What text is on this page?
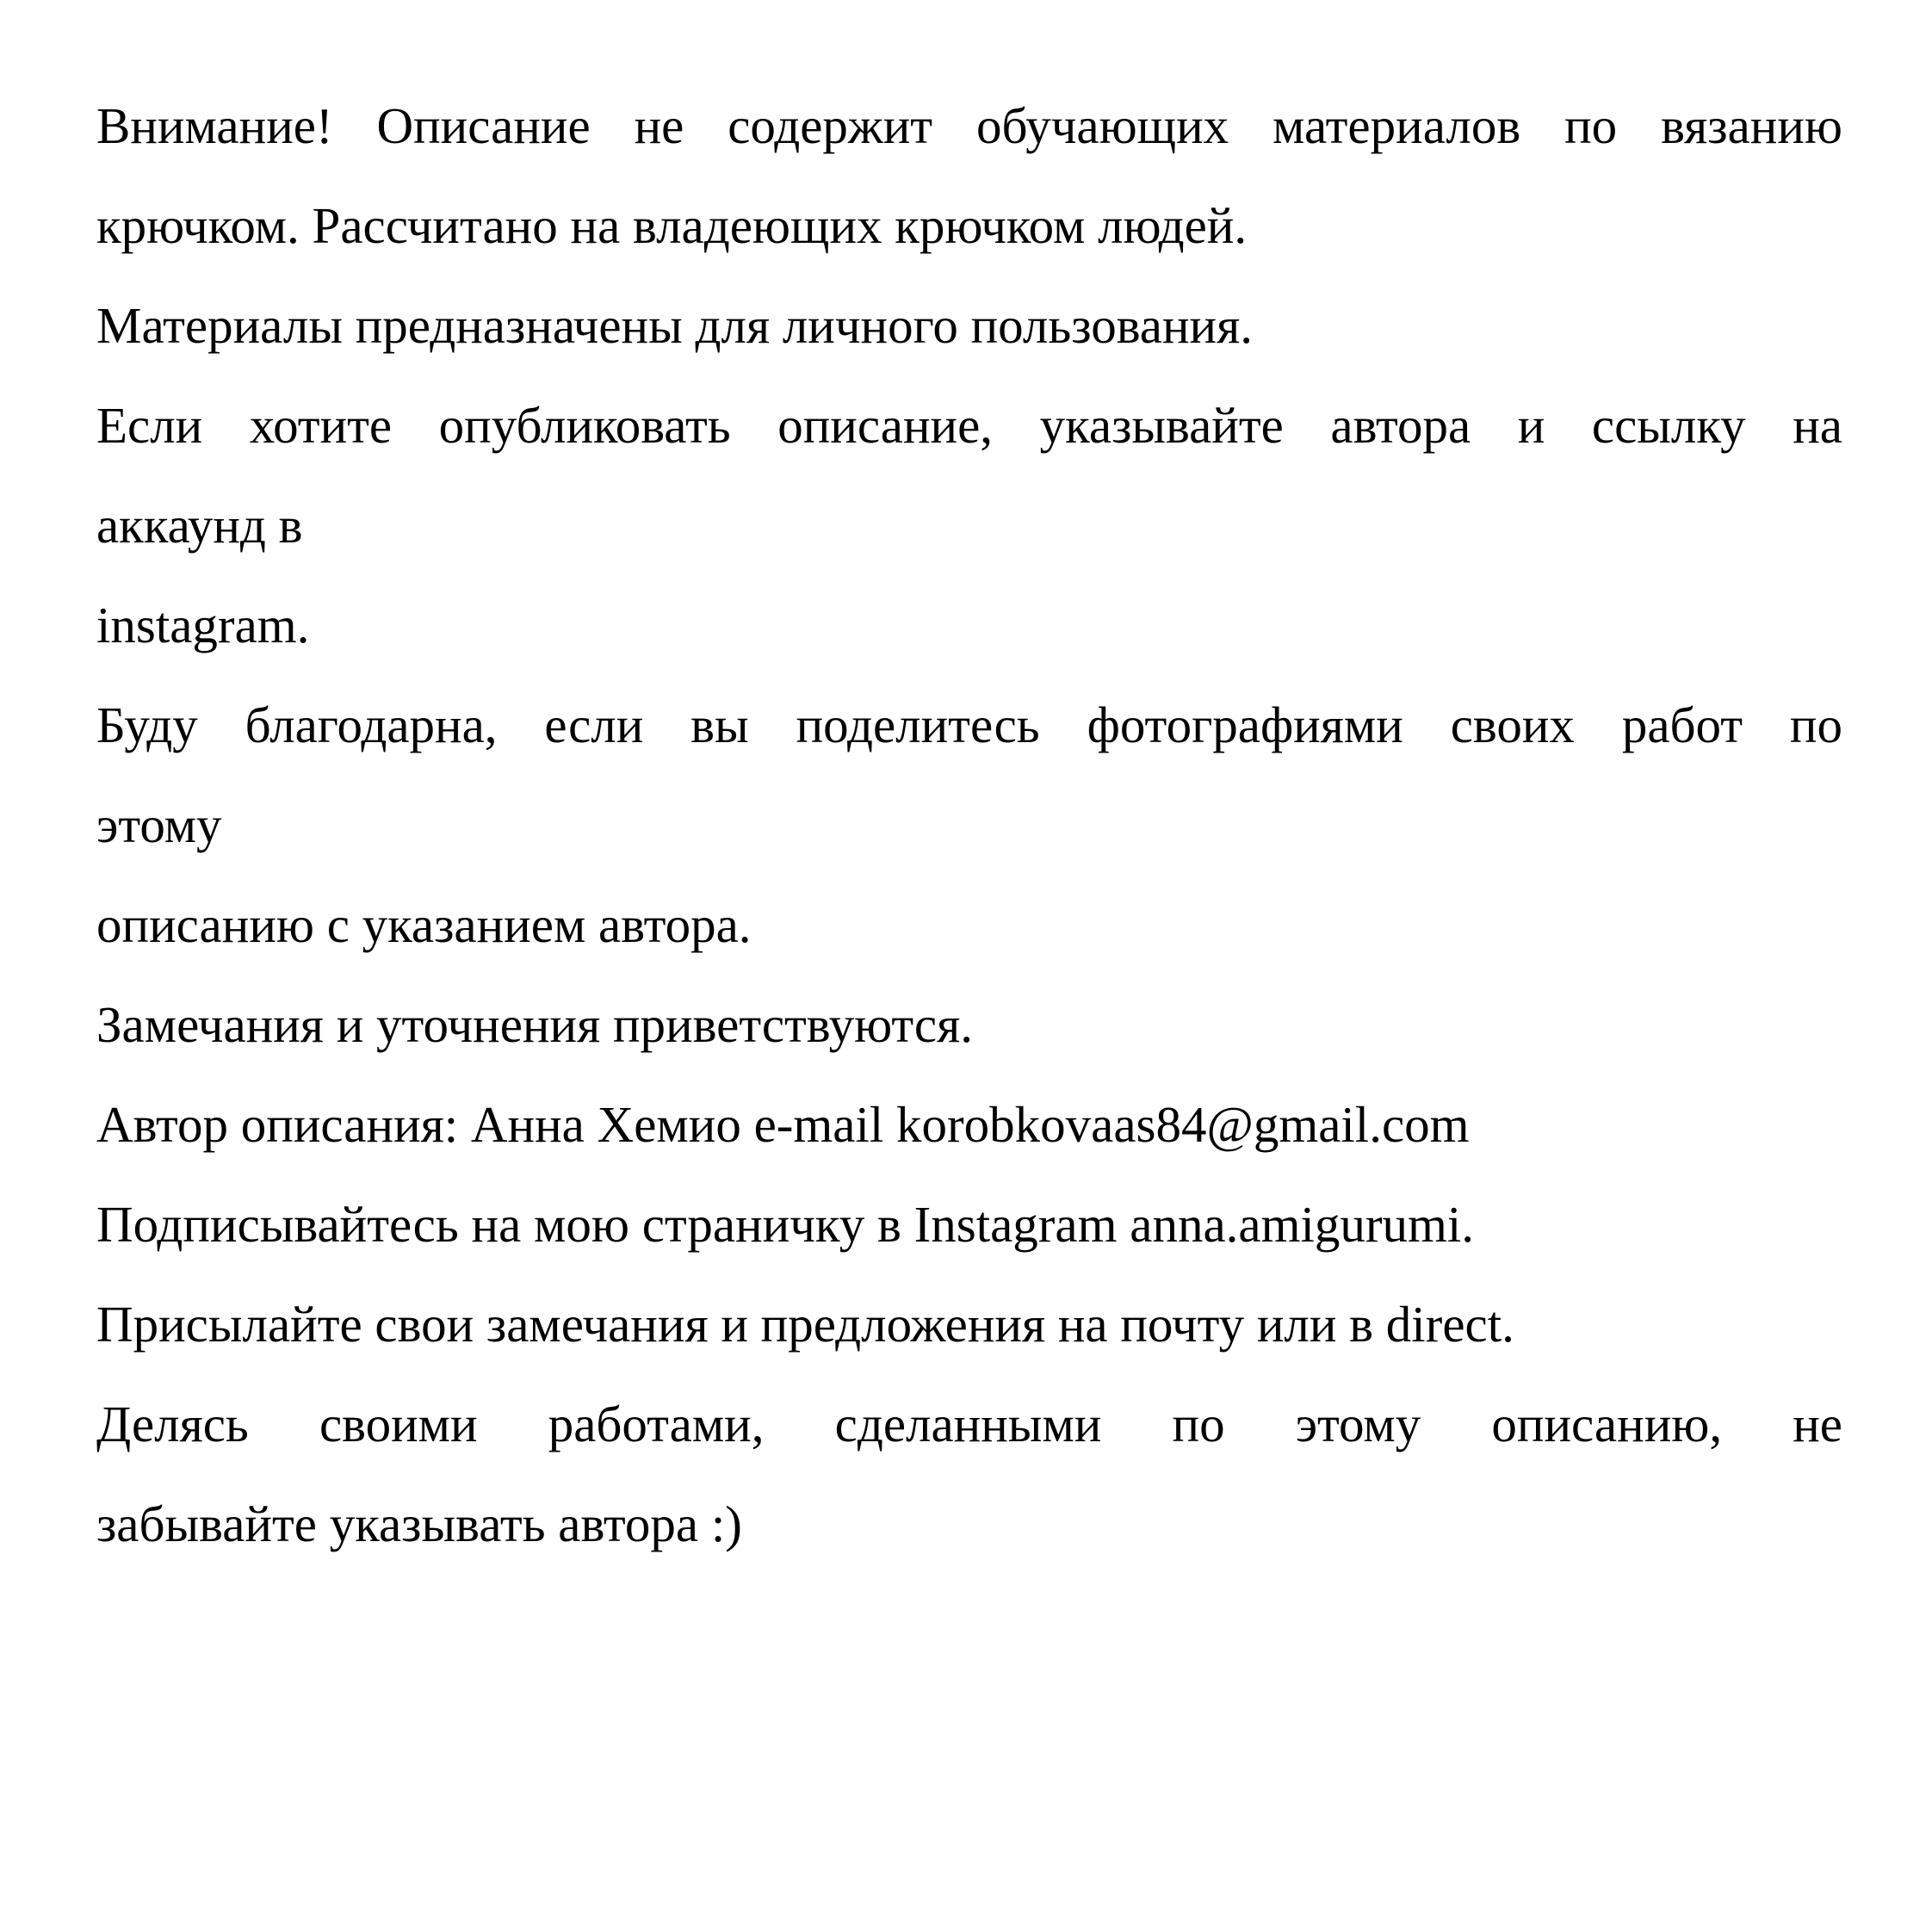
Внимание! Описание не содержит обучающих материалов по вязанию
крючком. Рассчитано на владеющих крючком людей.
Материалы предназначены для личного пользования.
Если хотите опубликовать описание, указывайте автора и ссылку на
аккаунд в
instagram.
Буду благодарна, если вы поделитесь фотографиями своих работ по
этому
описанию с указанием автора.
Замечания и уточнения приветствуются.
Автор описания: Анна Хемио e-mail korobkovaas84@gmail.com
Подписывайтесь на мою страничку в Instagram anna.amigurumi.
Присылайте свои замечания и предложения на почту или в direct.
Делясь своими работами, сделанными по этому описанию, не
забывайте указывать автора :)
